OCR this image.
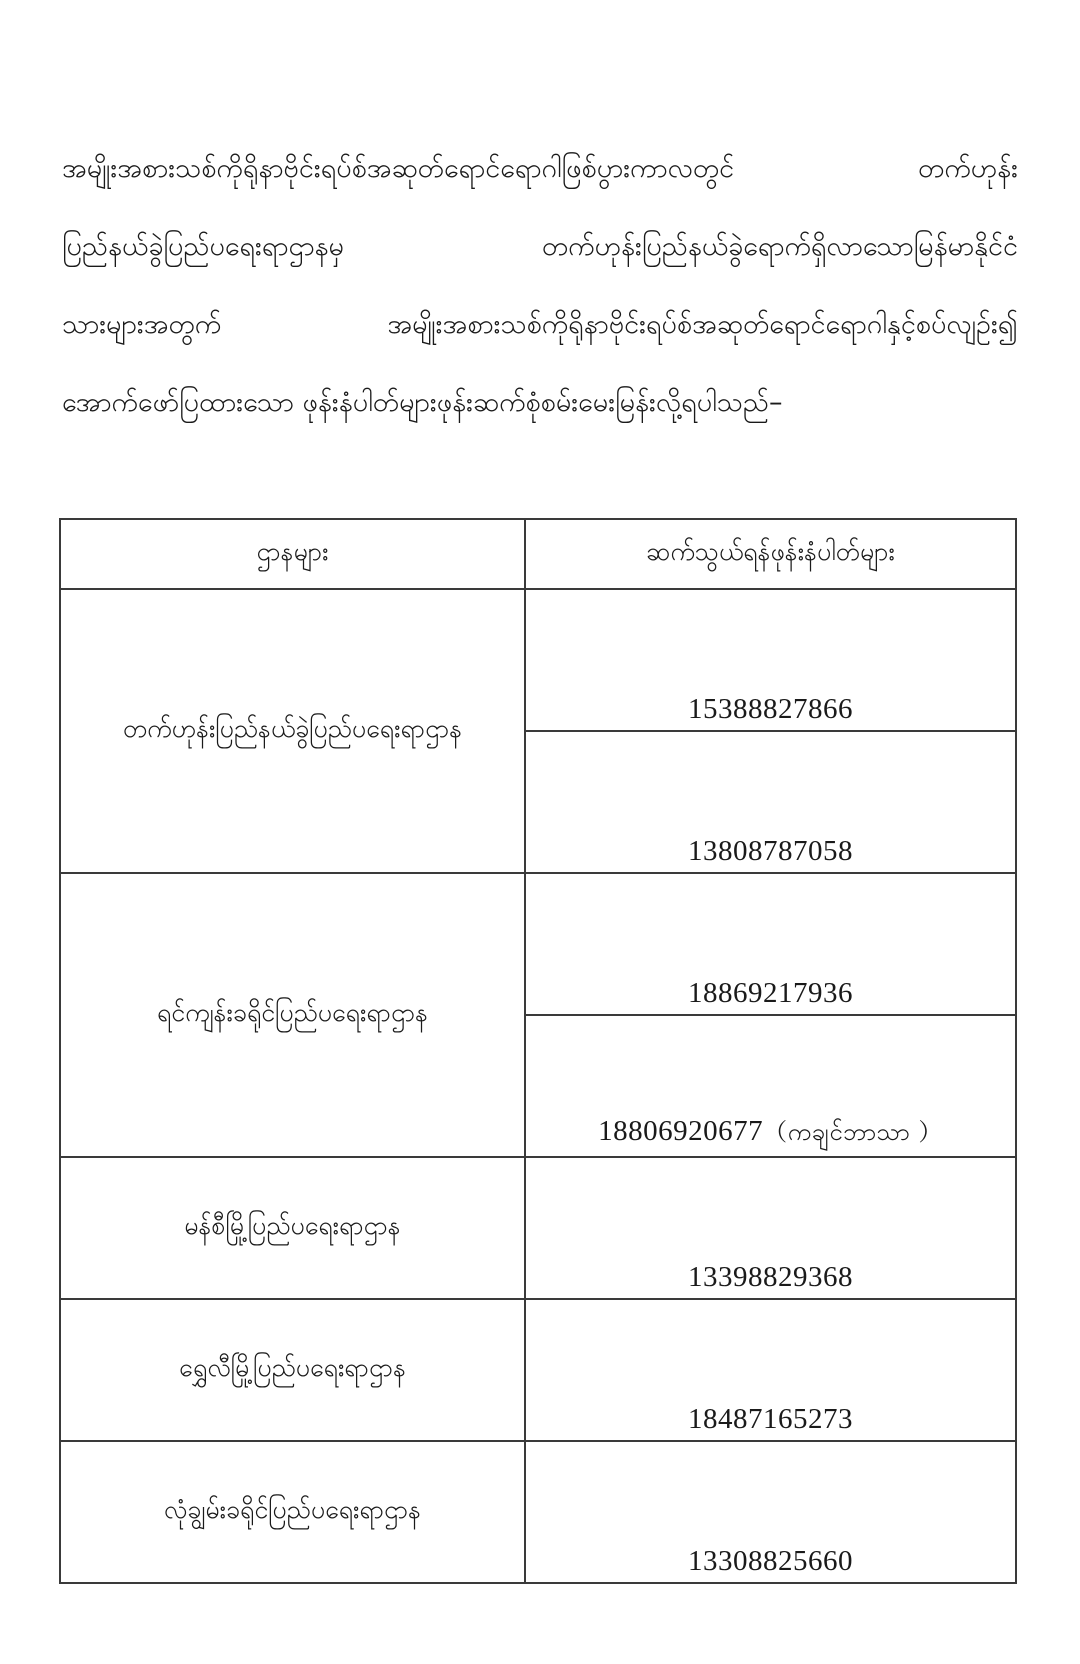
အမျိုးအစားသစ်ကိုရိုနာဗိုင်းရပ်စ်အဆုတ်ရောင်ရောဂါဖြစ်ပွားကာလတွင် တက်ဟုန်း
ပြည်နယ်ခွဲပြည်ပရေးရာဌာနမှ တက်ဟုန်းပြည်နယ်ခွဲရောက်ရှိလာသောမြန်မာနိုင်ငံ
သားများအတွက် အမျိုးအစားသစ်ကိုရိုနာဗိုင်းရပ်စ်အဆုတ်ရောင်ရောဂါနှင့်စပ်လျဉ်း၍
အောက်ဖော်ပြထားသော ဖုန်းနံပါတ်များဖုန်းဆက်စုံစမ်းမေးမြန်းလို့ရပါသည်–
ဌာနများ	ဆက်သွယ်ရန်ဖုန်းနံပါတ်များ
တက်ဟုန်းပြည်နယ်ခွဲပြည်ပရေးရာဌာန	15388827866
	13808787058
ရင်ကျန်းခရိုင်ပြည်ပရေးရာဌာန	18869217936
	18806920677（ကချင်ဘာသာ ）
မန်စီမြို့ပြည်ပရေးရာဌာန	13398829368
ရွှေလီမြို့ပြည်ပရေးရာဌာန	18487165273
လုံချွမ်းခရိုင်ပြည်ပရေးရာဌာန	13308825660
